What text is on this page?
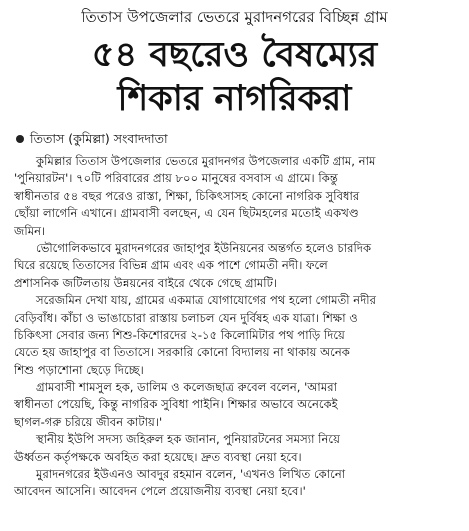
তিতাস উপজেলার ভেতরে মুরাদনগরের বিচ্ছিন্ন গ্রাম
৫৪ বছরেও বৈষম্যের
শিকার নাগরিকরা
তিতাস (কুমিল্লা) সংবাদদাতা

কুমিল্লার তিতাস উপজেলার ভেতরে মুরাদনগর উপজেলার একটি গ্রাম, নাম
'পুনিয়ারটন'। ৭০টি পরিবারের প্রায় ৮০০ মানুষের বসবাস এ গ্রামে। কিন্তু
স্বাধীনতার ৫৪ বছর পরেও রাস্তা, শিক্ষা, চিকিৎসাসহ কোনো নাগরিক সুবিধার
ছোঁয়া লাগেনি এখানে। গ্রামবাসী বলছেন, এ যেন ছিটমহলের মতোই একখণ্ড
জমিন।

ভৌগোলিকভাবে মুরাদনগরের জাহাপুর ইউনিয়নের অন্তর্গত হলেও চারদিক
ঘিরে রয়েছে তিতাসের বিভিন্ন গ্রাম এবং এক পাশে গোমতী নদী। ফলে
প্রশাসনিক জটিলতায় উন্নয়নের বাইরে থেকে গেছে গ্রামটি।

সরেজমিন দেখা যায়, গ্রামের একমাত্র যোগাযোগের পথ হলো গোমতী নদীর
বেড়িবাঁধ। কাঁচা ও ভাঙাচোরা রাস্তায় চলাচল যেন দুর্বিষহ এক যাত্রা। শিক্ষা ও
চিকিৎসা সেবার জন্য শিশু-কিশোরদের ২-১৫ কিলোমিটার পথ পাড়ি দিয়ে
যেতে হয় জাহাপুর বা তিতাসে। সরকারি কোনো বিদ্যালয় না থাকায় অনেক
শিশু পড়াশোনা ছেড়ে দিচ্ছে।

গ্রামবাসী শামসুল হক, ডালিম ও কলেজছাত্র রুবেল বলেন, 'আমরা
স্বাধীনতা পেয়েছি, কিন্তু নাগরিক সুবিধা পাইনি। শিক্ষার অভাবে অনেকেই
ছাগল-গরু চরিয়ে জীবন কাটায়।'

স্থানীয় ইউপি সদস্য জহিরুল হক জানান, পুনিয়ারটনের সমস্যা নিয়ে
ঊর্ধ্বতন কর্তৃপক্ষকে অবহিত করা হয়েছে। দ্রুত ব্যবস্থা নেয়া হবে।

মুরাদনগরের ইউএনও আবদুর রহমান বলেন, 'এখনও লিখিত কোনো
আবেদন আসেনি। আবেদন পেলে প্রয়োজনীয় ব্যবস্থা নেয়া হবে।'
